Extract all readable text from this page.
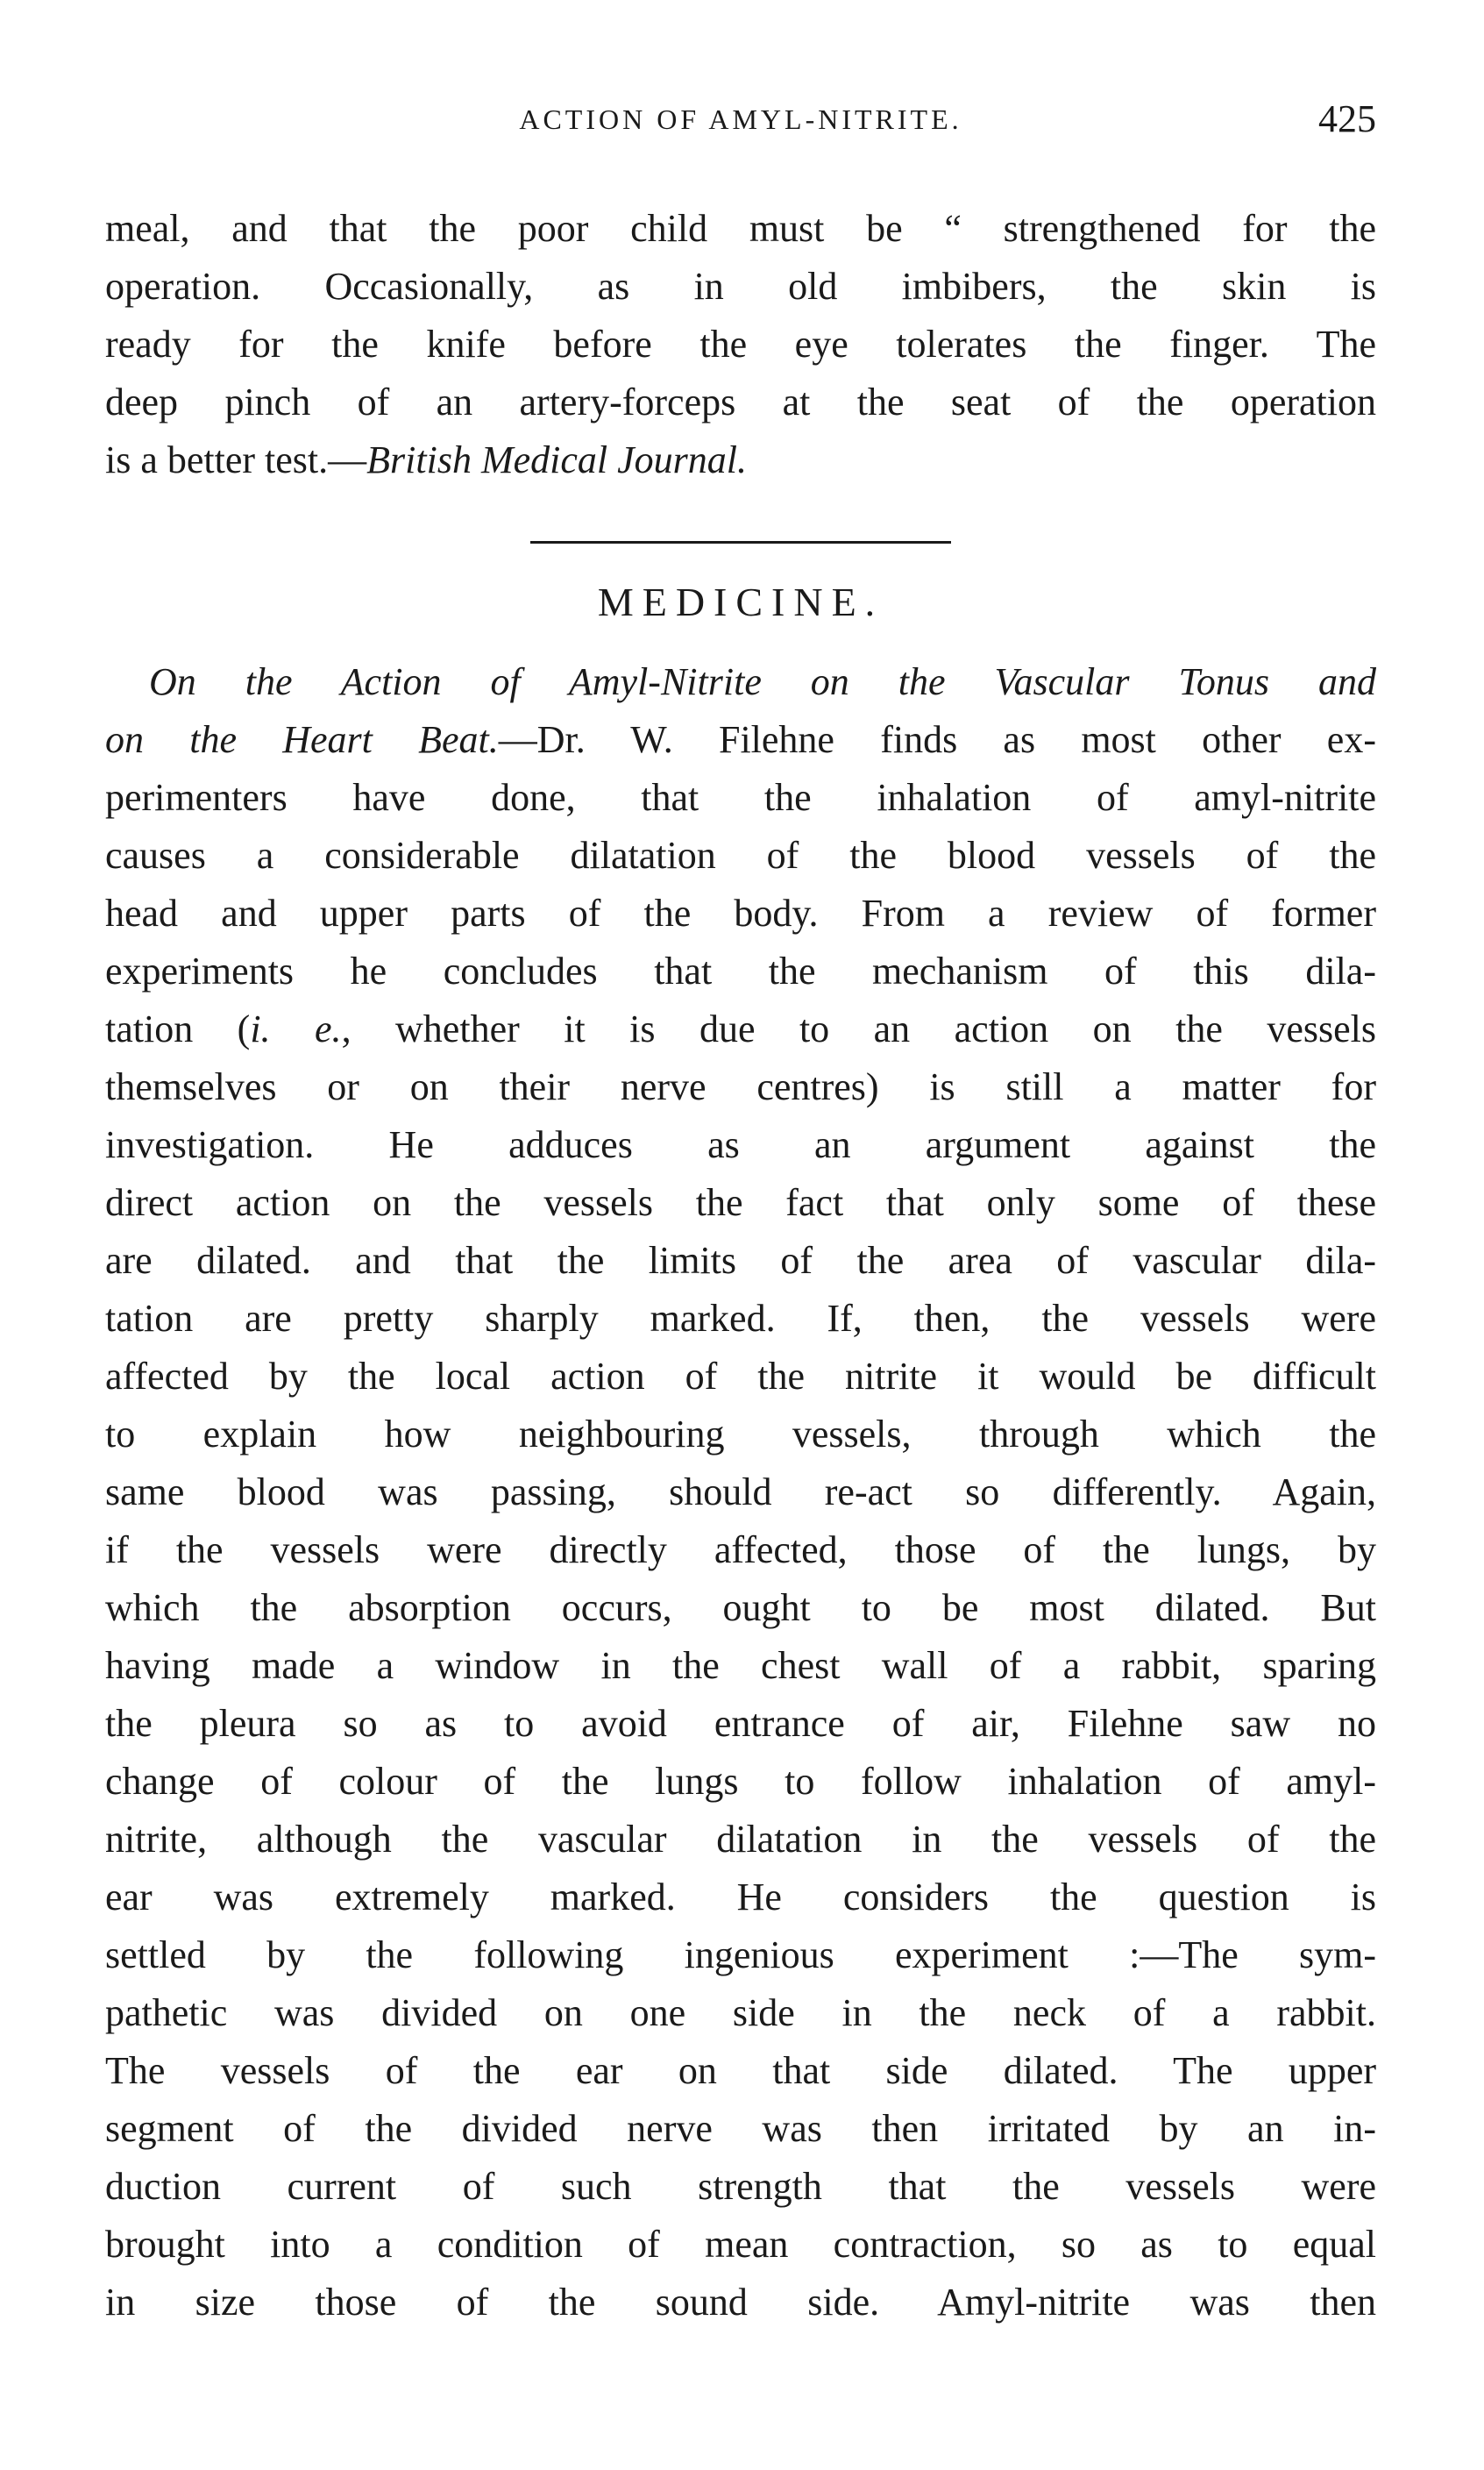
ACTION OF AMYL-NITRITE.	425
meal, and that the poor child must be “ strengthened for the
operation. Occasionally, as in old imbibers, the skin is
ready for the knife before the eye tolerates the finger. The
deep pinch of an artery-forceps at the seat of the operation
is a better test.—British Medical Journal.
MEDICINE.
On the Action of Amyl-Nitrite on the Vascular Tonus and
on the Heart Beat.—Dr. W. Filehne finds as most other ex-
perimenters have done, that the inhalation of amyl-nitrite
causes a considerable dilatation of the blood vessels of the
head and upper parts of the body. From a review of former
experiments he concludes that the mechanism of this dila-
tation (i. e., whether it is due to an action on the vessels
themselves or on their nerve centres) is still a matter for
investigation. He adduces as an argument against the
direct action on the vessels the fact that only some of these
are dilated. and that the limits of the area of vascular dila-
tation are pretty sharply marked. If, then, the vessels were
affected by the local action of the nitrite it would be difficult
to explain how neighbouring vessels, through which the
same blood was passing, should re-act so differently. Again,
if the vessels were directly affected, those of the lungs, by
which the absorption occurs, ought to be most dilated. But
having made a window in the chest wall of a rabbit, sparing
the pleura so as to avoid entrance of air, Filehne saw no
change of colour of the lungs to follow inhalation of amyl-
nitrite, although the vascular dilatation in the vessels of the
ear was extremely marked. He considers the question is
settled by the following ingenious experiment :—The sym-
pathetic was divided on one side in the neck of a rabbit.
The vessels of the ear on that side dilated. The upper
segment of the divided nerve was then irritated by an in-
duction current of such strength that the vessels were
brought into a condition of mean contraction, so as to equal
in size those of the sound side. Amyl-nitrite was then
